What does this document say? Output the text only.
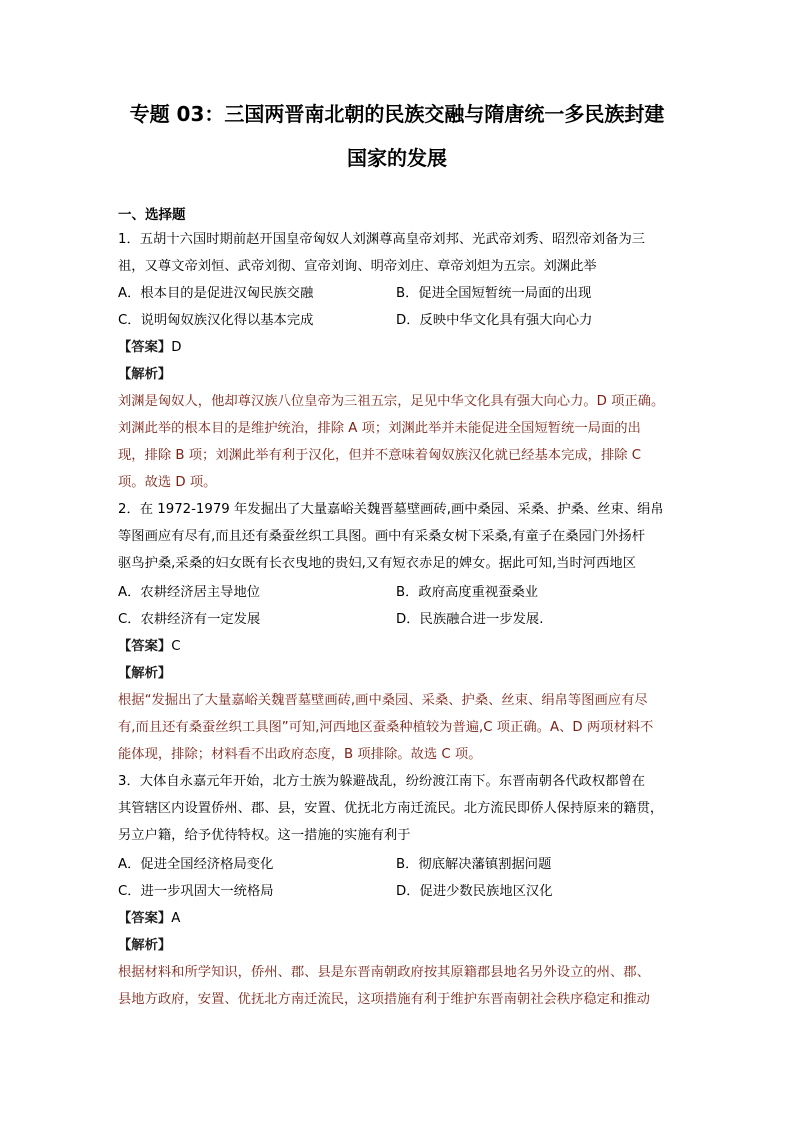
专题 03：三国两晋南北朝的民族交融与隋唐统一多民族封建
国家的发展
一、选择题
1．五胡十六国时期前赵开国皇帝匈奴人刘渊尊高皇帝刘邦、光武帝刘秀、昭烈帝刘备为三
祖，又尊文帝刘恒、武帝刘彻、宣帝刘询、明帝刘庄、章帝刘炟为五宗。刘渊此举
A．根本目的是促进汉匈民族交融	B．促进全国短暂统一局面的出现
C．说明匈奴族汉化得以基本完成	D．反映中华文化具有强大向心力
【答案】D
【解析】
刘渊是匈奴人，他却尊汉族八位皇帝为三祖五宗，足见中华文化具有强大向心力。D 项正确。
刘渊此举的根本目的是维护统治，排除 A 项；刘渊此举并未能促进全国短暂统一局面的出
现，排除 B 项；刘渊此举有利于汉化，但并不意味着匈奴族汉化就已经基本完成，排除 C
项。故选 D 项。
2．在 1972-1979 年发掘出了大量嘉峪关魏晋墓壁画砖,画中桑园、采桑、护桑、丝束、绢帛
等图画应有尽有,而且还有桑蚕丝织工具图。画中有采桑女树下采桑,有童子在桑园门外扬杆
驱鸟护桑,采桑的妇女既有长衣曳地的贵妇,又有短衣赤足的婢女。据此可知,当时河西地区
A．农耕经济居主导地位	B．政府高度重视蚕桑业
C．农耕经济有一定发展	D．民族融合进一步发展.
【答案】C
【解析】
根据“发掘出了大量嘉峪关魏晋墓壁画砖,画中桑园、采桑、护桑、丝束、绢帛等图画应有尽
有,而且还有桑蚕丝织工具图”可知,河西地区蚕桑种植较为普遍,C 项正确。A、D 两项材料不
能体现，排除；材料看不出政府态度，B 项排除。故选 C 项。
3．大体自永嘉元年开始，北方士族为躲避战乱，纷纷渡江南下。东晋南朝各代政权都曾在
其管辖区内设置侨州、郡、县，安置、优抚北方南迁流民。北方流民即侨人保持原来的籍贯，
另立户籍，给予优待特权。这一措施的实施有利于
A．促进全国经济格局变化	B．彻底解决藩镇割据问题
C．进一步巩固大一统格局	D．促进少数民族地区汉化
【答案】A
【解析】
根据材料和所学知识，侨州、郡、县是东晋南朝政府按其原籍郡县地名另外设立的州、郡、
县地方政府，安置、优抚北方南迁流民，这项措施有利于维护东晋南朝社会秩序稳定和推动
